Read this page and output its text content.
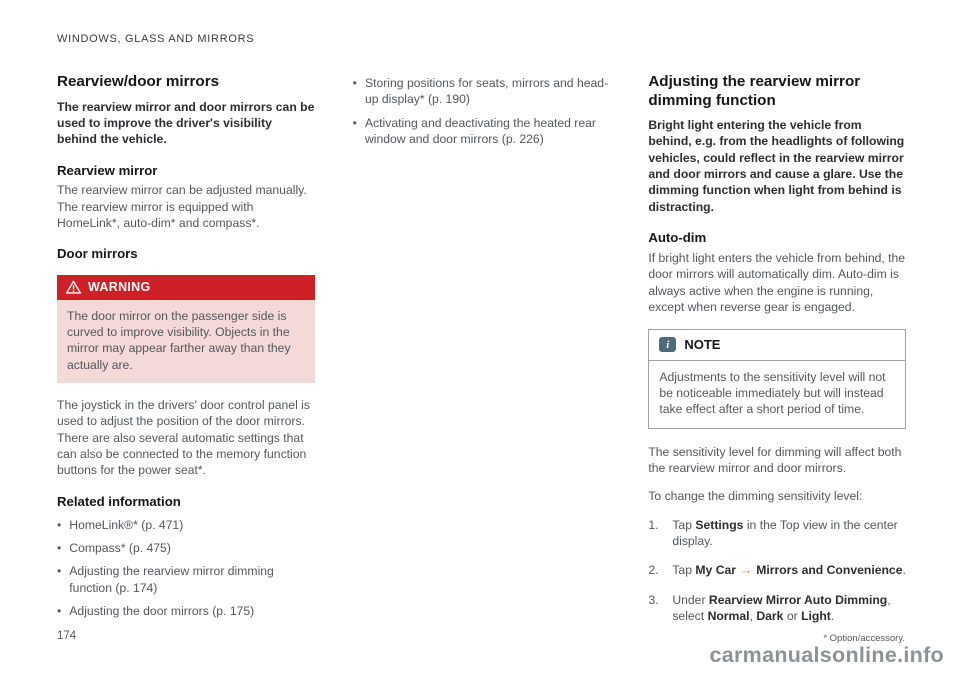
WINDOWS, GLASS AND MIRRORS
Rearview/door mirrors

The rearview mirror and door mirrors can be used to improve the driver's visibility behind the vehicle.

Rearview mirror

The rearview mirror can be adjusted manually. The rearview mirror is equipped with HomeLink*, auto-dim* and compass*.

Door mirrors
WARNING
The door mirror on the passenger side is curved to improve visibility. Objects in the mirror may appear farther away than they actually are.

The joystick in the drivers' door control panel is used to adjust the position of the door mirrors. There are also several automatic settings that can also be connected to the memory function buttons for the power seat*.

Related information
• HomeLink®* (p. 471)
• Compass* (p. 475)
• Adjusting the rearview mirror dimming function (p. 174)
• Adjusting the door mirrors (p. 175)
• Storing positions for seats, mirrors and head-up display* (p. 190)
• Activating and deactivating the heated rear window and door mirrors (p. 226)
Adjusting the rearview mirror dimming function

Bright light entering the vehicle from behind, e.g. from the headlights of following vehicles, could reflect in the rearview mirror and door mirrors and cause a glare. Use the dimming function when light from behind is distracting.

Auto-dim

If bright light enters the vehicle from behind, the door mirrors will automatically dim. Auto-dim is always active when the engine is running, except when reverse gear is engaged.

i	NOTE
Adjustments to the sensitivity level will not be noticeable immediately but will instead take effect after a short period of time.

The sensitivity level for dimming will affect both the rearview mirror and door mirrors.

To change the dimming sensitivity level:

1.	Tap Settings in the Top view in the center display.
2.	Tap My Car → Mirrors and Convenience.
3.	Under Rearview Mirror Auto Dimming, select Normal, Dark or Light.
174	* Option/accessory.
carmanualsonline.info
